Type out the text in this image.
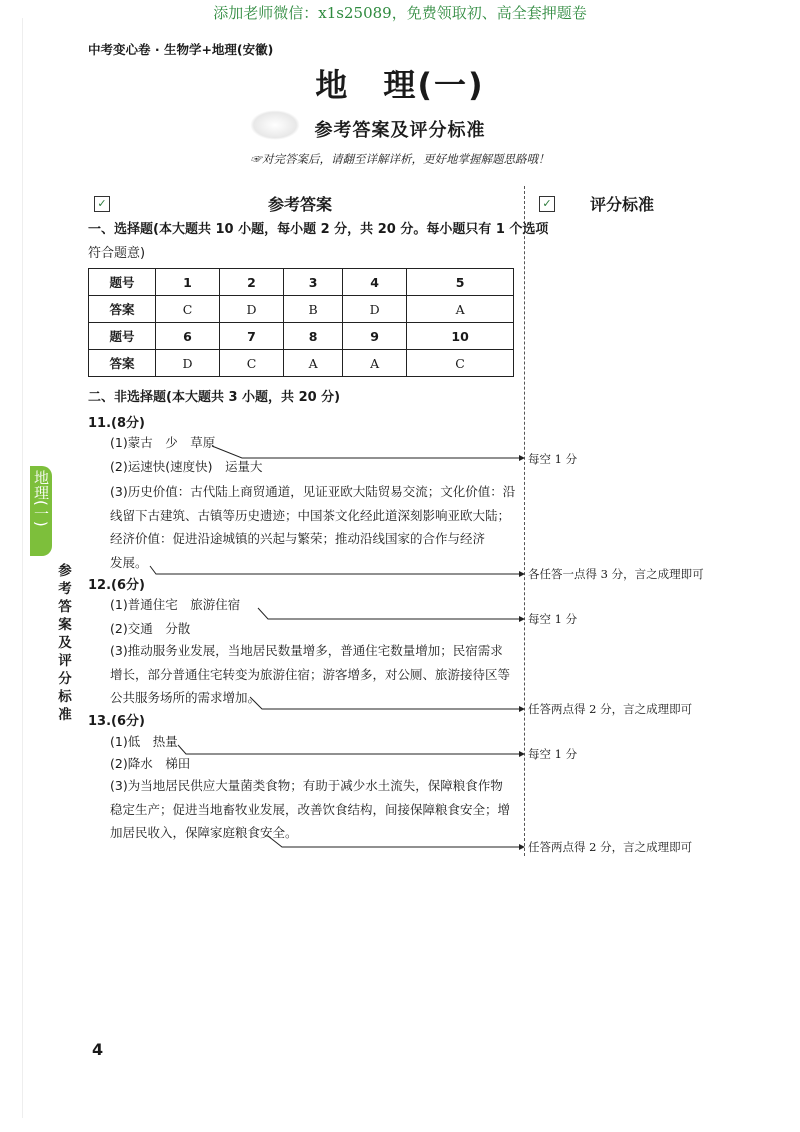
添加老师微信：x1s25089，免费领取初、高全套押题卷
中考变心卷 · 生物学+地理(安徽)
地　理(一)
参考答案及评分标准
☞对完答案后，请翻至详解详析，更好地掌握解题思路哦！
✓	参考答案	✓ 评分标准
一、选择题(本大题共 10 小题，每小题 2 分，共 20 分。每小题只有 1 个选项
符合题意)
题号	1	2	3	4	5
答案	C	D	B	D	A
题号	6	7	8	9	10
答案	D	C	A	A	C
二、非选择题(本大题共 3 小题，共 20 分)
11.(8分)
(1)蒙古　少　草原
(2)运速快(速度快)　运量大
(3)历史价值：古代陆上商贸通道，见证亚欧大陆贸易交流；文化价值：沿
线留下古建筑、古镇等历史遗迹；中国茶文化经此道深刻影响亚欧大陆；
经济价值：促进沿途城镇的兴起与繁荣；推动沿线国家的合作与经济
发展。
每空 1 分
各任答一点得 3 分，言之成理即可
12.(6分)
(1)普通住宅　旅游住宿
(2)交通　分散
(3)推动服务业发展，当地居民数量增多，普通住宅数量增加；民宿需求
增长，部分普通住宅转变为旅游住宿；游客增多，对公厕、旅游接待区等
公共服务场所的需求增加。
每空 1 分
任答两点得 2 分，言之成理即可
13.(6分)
(1)低　热量
(2)降水　梯田
(3)为当地居民供应大量菌类食物；有助于减少水土流失，保障粮食作物
稳定生产；促进当地畜牧业发展，改善饮食结构，间接保障粮食安全；增
加居民收入，保障家庭粮食安全。
每空 1 分
任答两点得 2 分，言之成理即可
地理(一)
参考答案及评分标准
4
